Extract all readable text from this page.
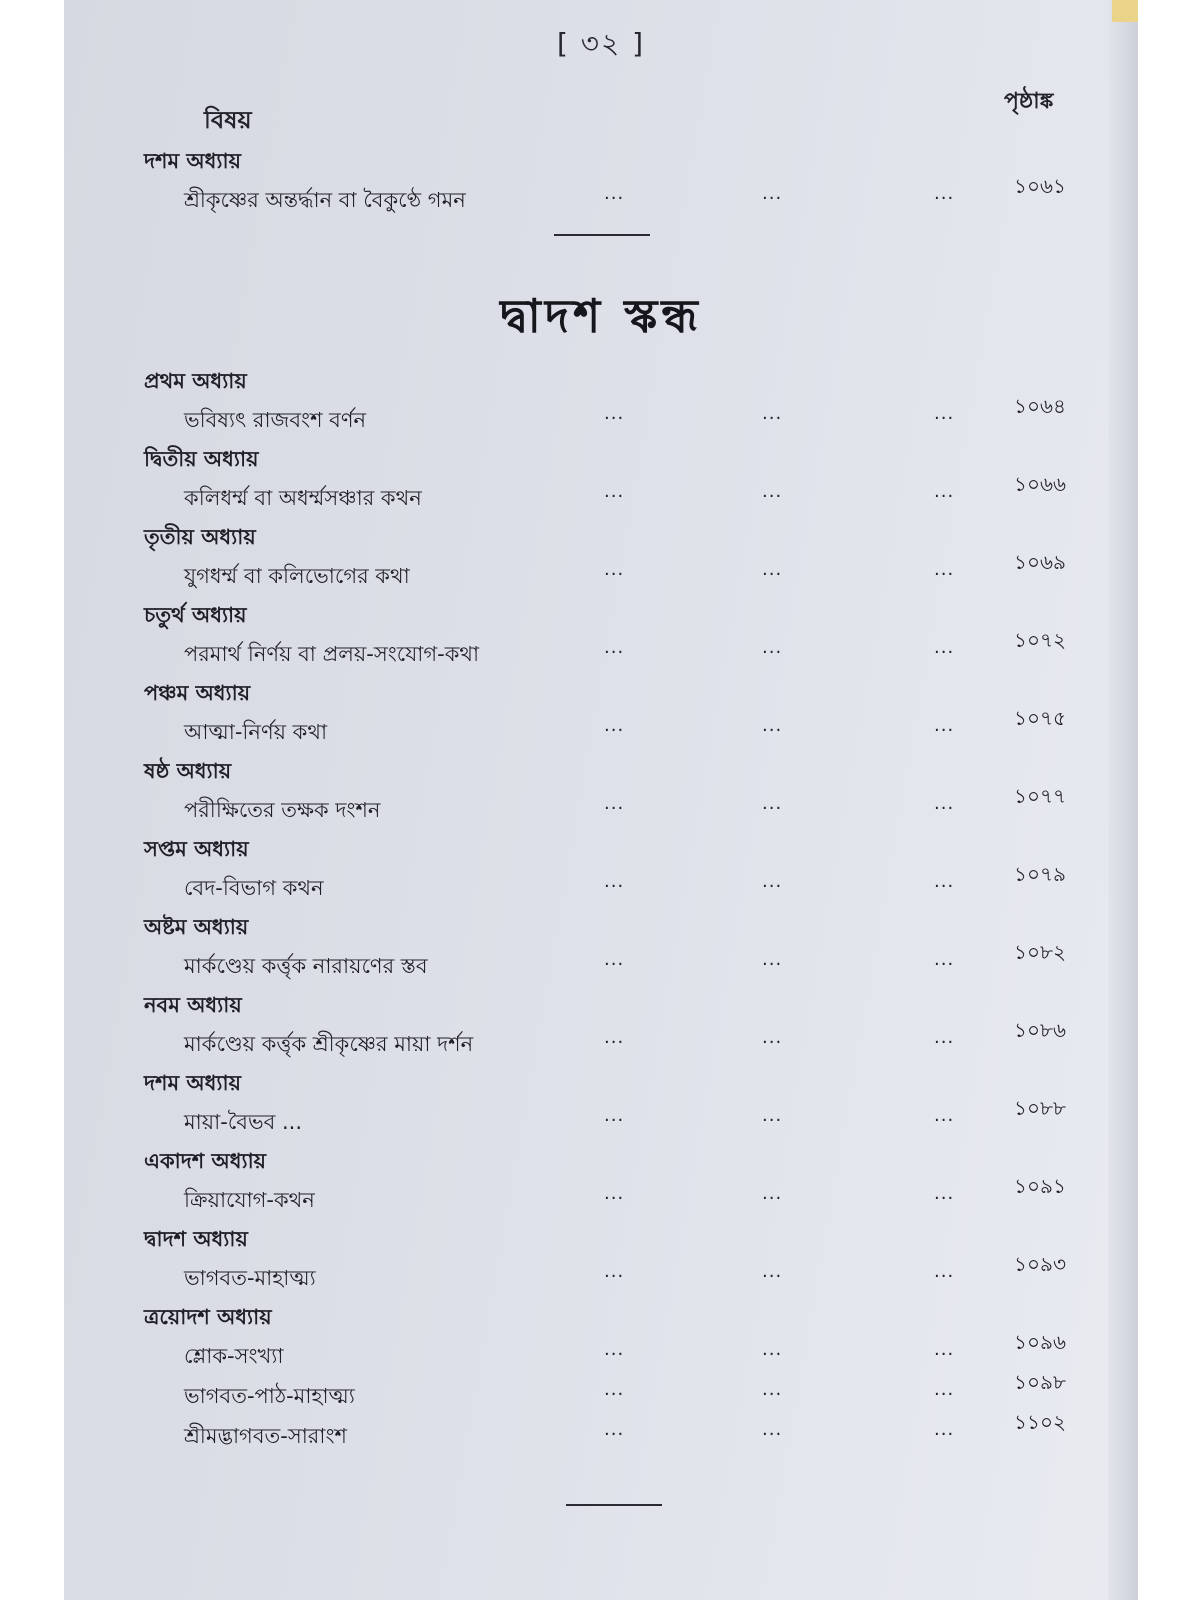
[ ৩২ ]
বিষয়
পৃষ্ঠাঙ্ক
দশম অধ্যায়
শ্রীকৃষ্ণের অন্তর্দ্ধান বা বৈকুণ্ঠে গমন	...	...	...	১০৬১
দ্বাদশ স্কন্ধ
প্রথম অধ্যায়
ভবিষ্যৎ রাজবংশ বর্ণন	...	...	...	১০৬৪
দ্বিতীয় অধ্যায়
কলিধর্ম্ম বা অধর্ম্মসঞ্চার কথন	...	...	...	১০৬৬
তৃতীয় অধ্যায়
যুগধর্ম্ম বা কলিভোগের কথা	...	...	...	১০৬৯
চতুর্থ অধ্যায়
পরমার্থ নির্ণয় বা প্রলয়-সংযোগ-কথা	...	...	...	১০৭২
পঞ্চম অধ্যায়
আত্মা-নির্ণয় কথা	...	...	...	১০৭৫
ষষ্ঠ অধ্যায়
পরীক্ষিতের তক্ষক দংশন	...	...	...	১০৭৭
সপ্তম অধ্যায়
বেদ-বিভাগ কথন	...	...	...	১০৭৯
অষ্টম অধ্যায়
মার্কণ্ডেয় কর্ত্তৃক নারায়ণের স্তব	...	...	...	১০৮২
নবম অধ্যায়
মার্কণ্ডেয় কর্ত্তৃক শ্রীকৃষ্ণের মায়া দর্শন	...	...	...	১০৮৬
দশম অধ্যায়
মায়া-বৈভব ...	...	...	...	১০৮৮
একাদশ অধ্যায়
ক্রিয়াযোগ-কথন	...	...	...	১০৯১
দ্বাদশ অধ্যায়
ভাগবত-মাহাত্ম্য	...	...	...	১০৯৩
ত্রয়োদশ অধ্যায়
শ্লোক-সংখ্যা	...	...	...	১০৯৬
ভাগবত-পাঠ-মাহাত্ম্য	...	...	...	১০৯৮
শ্রীমদ্ভাগবত-সারাংশ	...	...	...	১১০২
